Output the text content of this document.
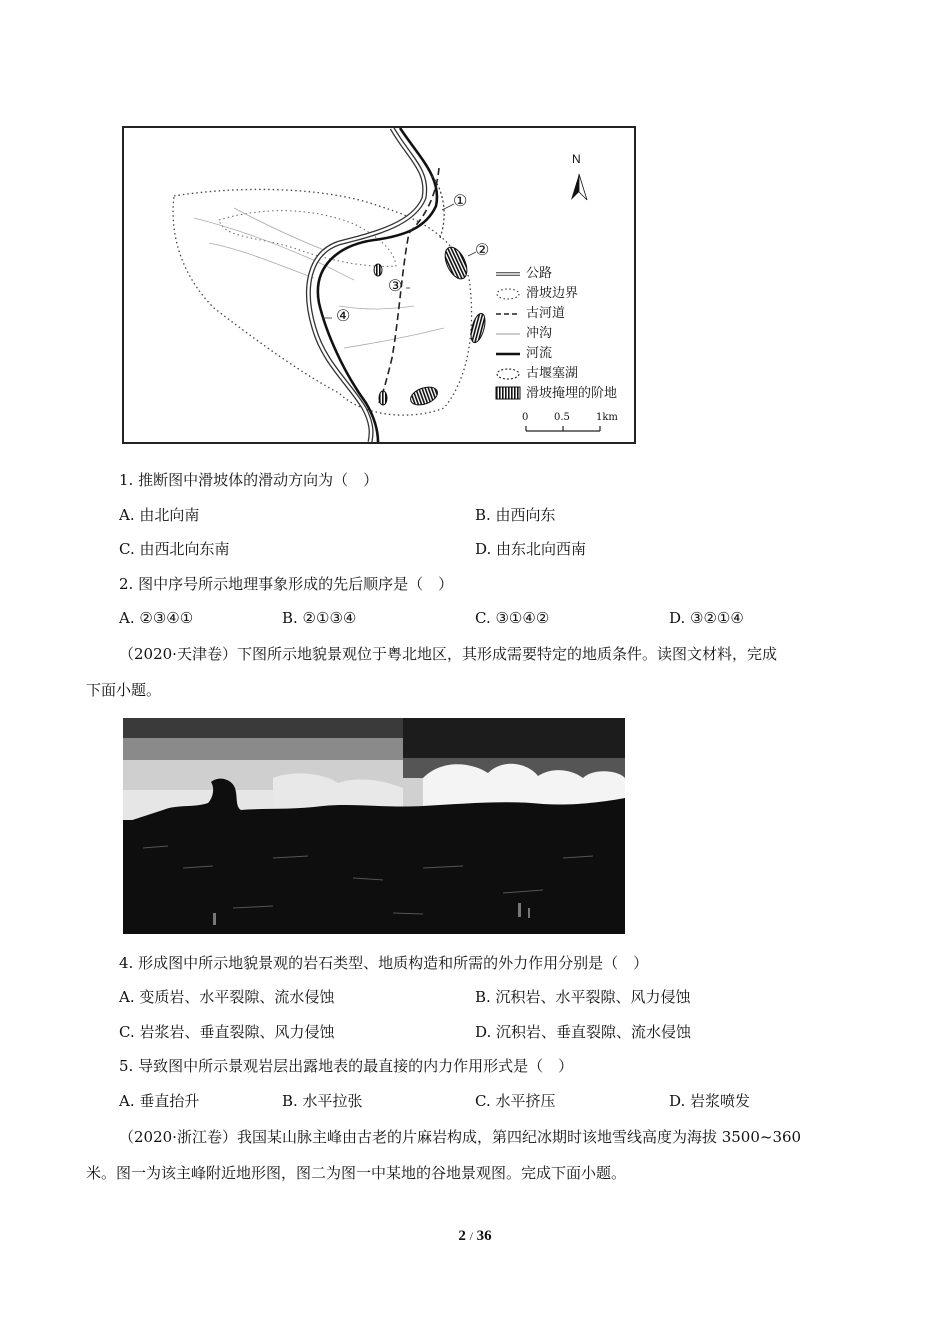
N
①
②
③
④
公路
滑坡边界
古河道
冲沟
河流
古堰塞湖
滑坡掩埋的阶地
0	0.5	1km
1. 推断图中滑坡体的滑动方向为（　）
A. 由北向南	B. 由西向东
C. 由西北向东南	D. 由东北向西南
2. 图中序号所示地理事象形成的先后顺序是（　）
A. ②③④①	B. ②①③④	C. ③①④②	D. ③②①④
（2020·天津卷）下图所示地貌景观位于粤北地区，其形成需要特定的地质条件。读图文材料，完成
下面小题。
4. 形成图中所示地貌景观的岩石类型、地质构造和所需的外力作用分别是（　）
A. 变质岩、水平裂隙、流水侵蚀	B. 沉积岩、水平裂隙、风力侵蚀
C. 岩浆岩、垂直裂隙、风力侵蚀	D. 沉积岩、垂直裂隙、流水侵蚀
5. 导致图中所示景观岩层出露地表的最直接的内力作用形式是（　）
A. 垂直抬升	B. 水平拉张	C. 水平挤压	D. 岩浆喷发
（2020·浙江卷）我国某山脉主峰由古老的片麻岩构成，第四纪冰期时该地雪线高度为海拔 3500~360
米。图一为该主峰附近地形图，图二为图一中某地的谷地景观图。完成下面小题。
2 / 36
